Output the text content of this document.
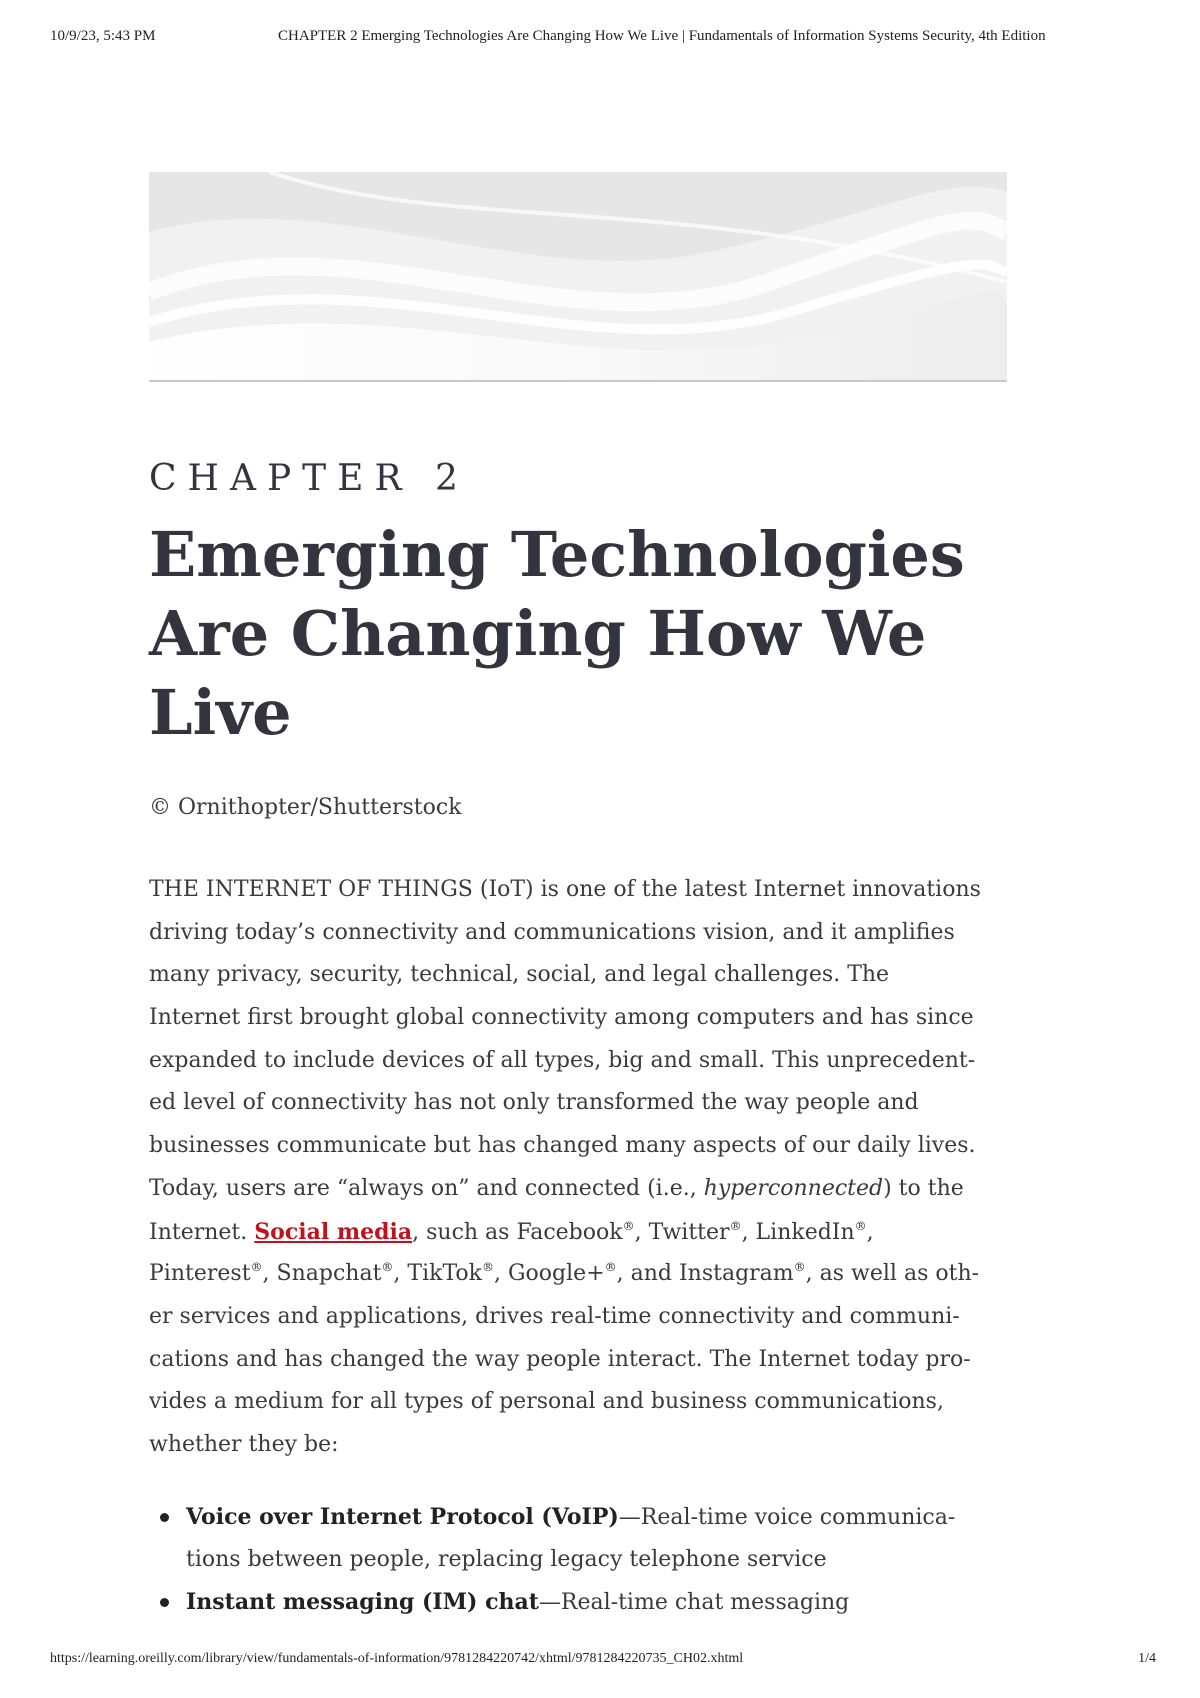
10/9/23, 5:43 PM	CHAPTER 2 Emerging Technologies Are Changing How We Live | Fundamentals of Information Systems Security, 4th Edition
CHAPTER 2
Emerging Technologies
Are Changing How We
Live
© Ornithopter/Shutterstock
THE INTERNET OF THINGS (IoT) is one of the latest Internet innovations
driving today’s connectivity and communications vision, and it amplifies
many privacy, security, technical, social, and legal challenges. The
Internet first brought global connectivity among computers and has since
expanded to include devices of all types, big and small. This unprecedent-
ed level of connectivity has not only transformed the way people and
businesses communicate but has changed many aspects of our daily lives.
Today, users are “always on” and connected (i.e., hyperconnected) to the
Internet. Social media, such as Facebook®, Twitter®, LinkedIn®,
Pinterest®, Snapchat®, TikTok®, Google+®, and Instagram®, as well as oth-
er services and applications, drives real-time connectivity and communi-
cations and has changed the way people interact. The Internet today pro-
vides a medium for all types of personal and business communications,
whether they be:
Voice over Internet Protocol (VoIP)—Real-time voice communica-
tions between people, replacing legacy telephone service
Instant messaging (IM) chat—Real-time chat messaging
https://learning.oreilly.com/library/view/fundamentals-of-information/9781284220742/xhtml/9781284220735_CH02.xhtml	1/4
